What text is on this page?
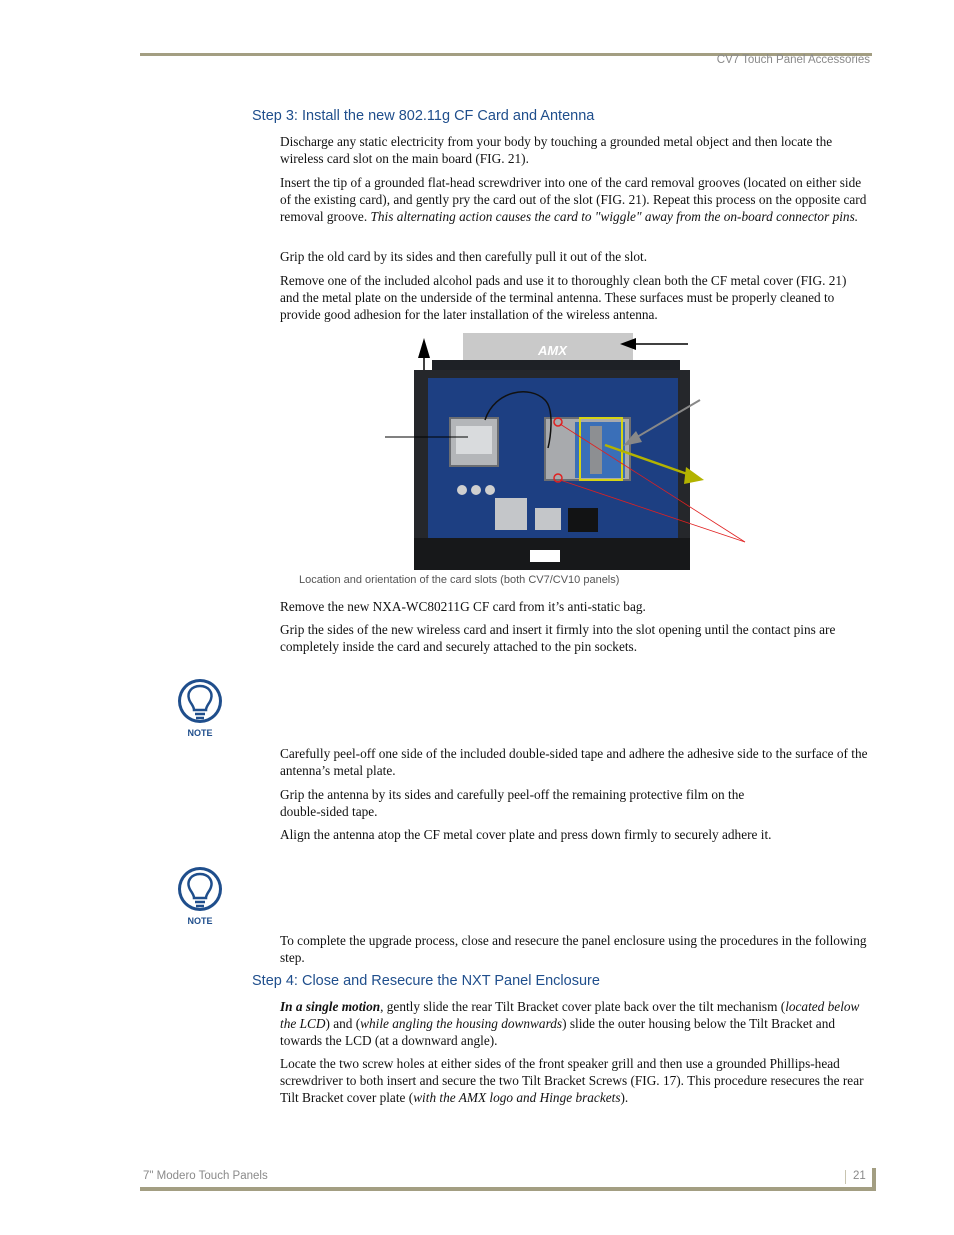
CV7 Touch Panel Accessories
Step 3: Install the new 802.11g CF Card and Antenna

Discharge any static electricity from your body by touching a grounded metal object and then locate the wireless card slot on the main board (FIG. 21).

Insert the tip of a grounded flat-head screwdriver into one of the card removal grooves (located on either side of the existing card), and gently pry the card out of the slot (FIG. 21). Repeat this process on the opposite card removal groove. This alternating action causes the card to "wiggle" away from the on-board connector pins.

Grip the old card by its sides and then carefully pull it out of the slot.

Remove one of the included alcohol pads and use it to thoroughly clean both the CF metal cover (FIG. 21) and the metal plate on the underside of the terminal antenna. These surfaces must be properly cleaned to provide good adhesion for the later installation of the wireless antenna.

AMX
Location and orientation of the card slots (both CV7/CV10 panels)

Remove the new NXA-WC80211G CF card from it’s anti-static bag.

Grip the sides of the new wireless card and insert it firmly into the slot opening until the contact pins are completely inside the card and securely attached to the pin sockets.

NOTE

Carefully peel-off one side of the included double-sided tape and adhere the adhesive side to the surface of the antenna’s metal plate.

Grip the antenna by its sides and carefully peel-off the remaining protective film on the double-sided tape.

Align the antenna atop the CF metal cover plate and press down firmly to securely adhere it.

NOTE

To complete the upgrade process, close and resecure the panel enclosure using the procedures in the following step.

Step 4: Close and Resecure the NXT Panel Enclosure

In a single motion, gently slide the rear Tilt Bracket cover plate back over the tilt mechanism (located below the LCD) and (while angling the housing downwards) slide the outer housing below the Tilt Bracket and towards the LCD (at a downward angle).

Locate the two screw holes at either sides of the front speaker grill and then use a grounded Phillips-head screwdriver to both insert and secure the two Tilt Bracket Screws (FIG. 17). This procedure resecures the rear Tilt Bracket cover plate (with the AMX logo and Hinge brackets).

7" Modero Touch Panels	21
